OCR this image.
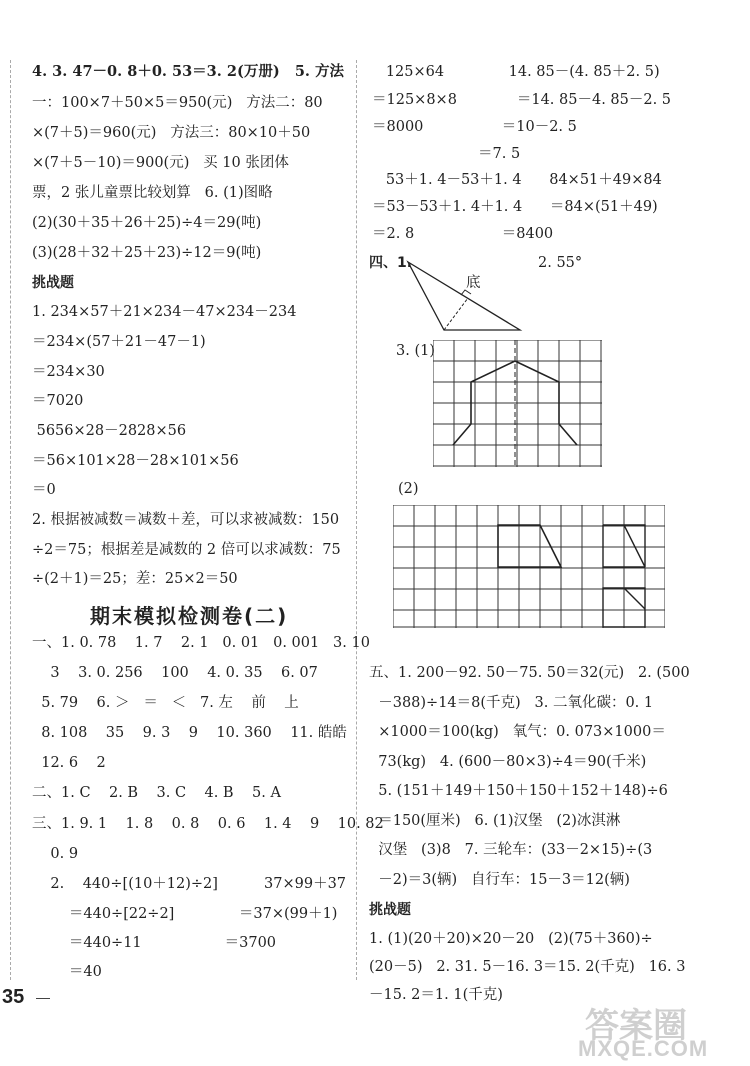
4. 3. 47－0. 8＋0. 53＝3. 2(万册)   5. 方法
一：100×7＋50×5＝950(元)   方法二：80
×(7＋5)＝960(元)   方法三：80×10＋50
×(7＋5－10)＝900(元)   买 10 张团体
票，2 张儿童票比较划算   6. (1)图略
(2)(30＋35＋26＋25)÷4＝29(吨)
(3)(28＋32＋25＋23)÷12＝9(吨)
挑战题
1. 234×57＋21×234－47×234－234
＝234×(57＋21－47－1)
＝234×30
＝7020
5656×28－2828×56
＝56×101×28－28×101×56
＝0
2. 根据被减数＝减数＋差，可以求被减数：150
÷2＝75；根据差是减数的 2 倍可以求减数：75
÷(2＋1)＝25；差：25×2＝50
期末模拟检测卷(二)
一、1. 0. 78    1. 7    2. 1   0. 01   0. 001   3. 10
3    3. 0. 256    100    4. 0. 35    6. 07
5. 79    6. ＞   ＝   ＜   7. 左    前    上
8. 108    35    9. 3    9    10. 360    11. 皓皓
12. 6    2
二、1. C    2. B    3. C    4. B    5. A
三、1. 9. 1    1. 8    0. 8    0. 6    1. 4    9    10. 82
0. 9
2.    440÷[(10＋12)÷2]          37×99＋37
＝440÷[22÷2]              ＝37×(99＋1)
＝440÷11                  ＝3700
＝40
125×64              14. 85－(4. 85＋2. 5)
＝125×8×8             ＝14. 85－4. 85－2. 5
＝8000                 ＝10－2. 5
＝7. 5
53＋1. 4－53＋1. 4      84×51＋49×84
＝53－53＋1. 4＋1. 4      ＝84×(51＋49)
＝2. 8                   ＝8400
四、1.	2. 55°
底
3. (1)
(2)
五、1. 200－92. 50－75. 50＝32(元)   2. (500
－388)÷14＝8(千克)   3. 二氧化碳：0. 1
×1000＝100(kg)   氧气：0. 073×1000＝
73(kg)   4. (600－80×3)÷4＝90(千米)
5. (151＋149＋150＋150＋152＋148)÷6
＝150(厘米)   6. (1)汉堡   (2)冰淇淋
汉堡   (3)8   7. 三轮车：(33－2×15)÷(3
－2)＝3(辆)   自行车：15－3＝12(辆)
挑战题
1. (1)(20＋20)×20－20   (2)(75＋360)÷
(20－5)   2. 31. 5－16. 3＝15. 2(千克)   16. 3
－15. 2＝1. 1(千克)
35
答案圈
MXQE.COM
